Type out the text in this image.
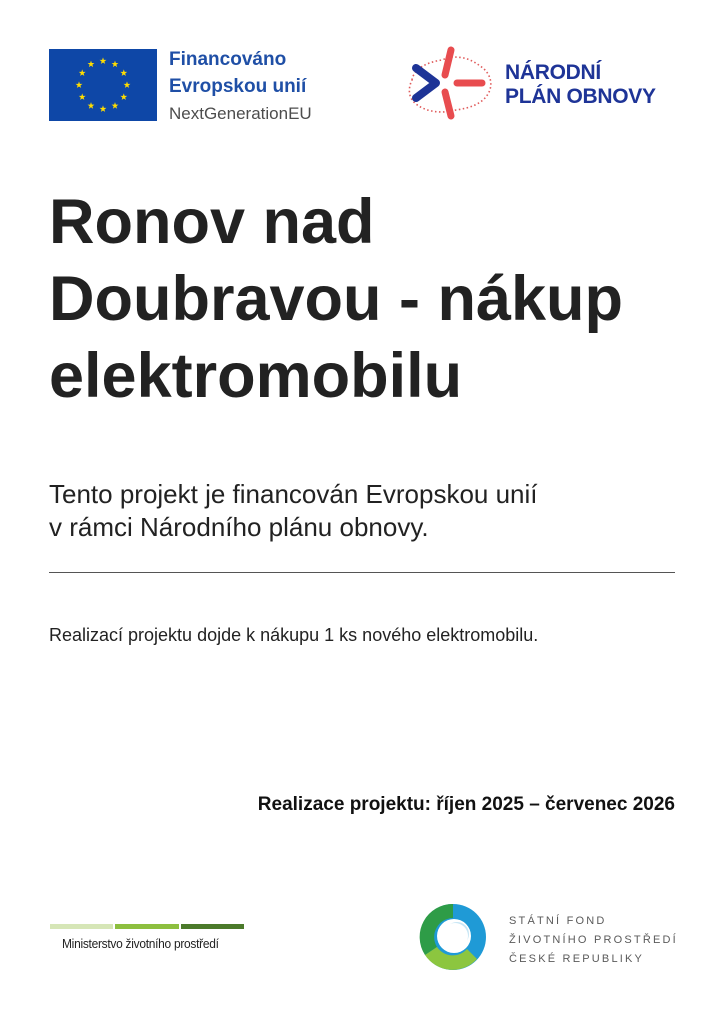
Financováno
Evropskou unií
NextGenerationEU
NÁRODNÍ
PLÁN OBNOVY
Ronov nad Doubravou - nákup elektromobilu
Tento projekt je financován Evropskou unií
v rámci Národního plánu obnovy.

Realizací projektu dojde k nákupu 1 ks nového elektromobilu.

Realizace projektu: říjen 2025 – červenec 2026

Ministerstvo životního prostředí
STÁTNÍ FOND
ŽIVOTNÍHO PROSTŘEDÍ
ČESKÉ REPUBLIKY
